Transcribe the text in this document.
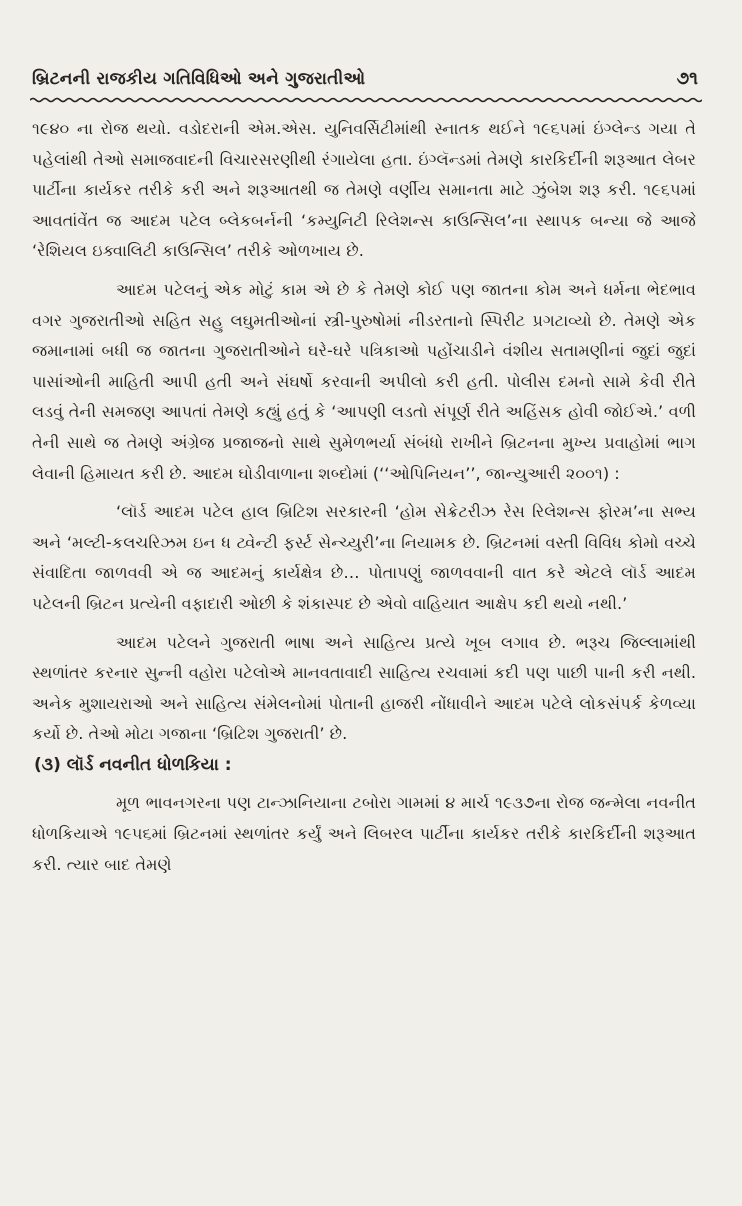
બ્રિટનની રાજકીય ગતિવિધિઓ અને ગુજરાતીઓ	૭૧

૧૯૪૦ ના રોજ થયો. વડોદરાની એમ.એસ. યુનિવર્સિટીમાંથી સ્નાતક થઈને ૧૯૬૫માં ઇંગ્લેન્ડ ગયા તે પહેલાંથી તેઓ સમાજવાદની વિચારસરણીથી રંગાયેલા હતા. ઇંગ્લૅન્ડમાં તેમણે કારકિર્દીની શરૂઆત લેબર પાર્ટીના કાર્યકર તરીકે કરી અને શરૂઆતથી જ તેમણે વર્ણીય સમાનતા માટે ઝુંબેશ શરૂ કરી. ૧૯૬૫માં આવતાંવેંત જ આદમ પટેલ બ્લેકબર્નની ‘કમ્યુનિટી રિલેશન્સ કાઉન્સિલ’ના સ્થાપક બન્યા જે આજે ‘રેશિયલ ઇક્વાલિટી કાઉન્સિલ’ તરીકે ઓળખાય છે.

આદમ પટેલનું એક મોટું કામ એ છે કે તેમણે કોઈ પણ જાતના કોમ અને ધર્મના ભેદભાવ વગર ગુજરાતીઓ સહિત સહુ લઘુમતીઓનાં સ્ત્રી-પુરુષોમાં નીડરતાનો સ્પિરીટ પ્રગટાવ્યો છે. તેમણે એક જમાનામાં બધી જ જાતના ગુજરાતીઓને ઘરે-ઘરે પત્રિકાઓ પહોંચાડીને વંશીય સતામણીનાં જુદાં જુદાં પાસાંઓની માહિતી આપી હતી અને સંઘર્ષો કરવાની અપીલો કરી હતી. પોલીસ દમનો સામે કેવી રીતે લડવું તેની સમજણ આપતાં તેમણે કહ્યું હતું કે ‘આપણી લડતો સંપૂર્ણ રીતે અહિંસક હોવી જોઈએ.’ વળી તેની સાથે જ તેમણે અંગ્રેજ પ્રજાજનો સાથે સુમેળભર્યા સંબંધો રાખીને બ્રિટનના મુખ્ય પ્રવાહોમાં ભાગ લેવાની હિમાયત કરી છે. આદમ ઘોડીવાળાના શબ્દોમાં (‘‘ઓપિનિયન’’, જાન્યુઆરી ૨૦૦૧) :

‘લૉર્ડ આદમ પટેલ હાલ બ્રિટિશ સરકારની ‘હોમ સેક્રેટરીઝ રેસ રિલેશન્સ ફોરમ’ના સભ્ય અને ‘મલ્ટી-કલચરિઝમ ઇન ધ ટ્વેન્ટી ફર્સ્ટ સેન્ચ્યુરી’ના નિયામક છે. બ્રિટનમાં વસ્તી વિવિધ કોમો વચ્ચે સંવાદિતા જાળવવી એ જ આદમનું કાર્યક્ષેત્ર છે… પોતાપણું જાળવવાની વાત કરે એટલે લૉર્ડ આદમ પટેલની બ્રિટન પ્રત્યેની વફાદારી ઓછી કે શંકાસ્પદ છે એવો વાહિયાત આક્ષેપ કદી થયો નથી.’

આદમ પટેલને ગુજરાતી ભાષા અને સાહિત્ય પ્રત્યે ખૂબ લગાવ છે. ભરૂચ જિલ્લામાંથી સ્થળાંતર કરનાર સુન્ની વહોરા પટેલોએ માનવતાવાદી સાહિત્ય રચવામાં કદી પણ પાછી પાની કરી નથી. અનેક મુશાયરાઓ અને સાહિત્ય સંમેલનોમાં પોતાની હાજરી નોંધાવીને આદમ પટેલે લોકસંપર્ક કેળવ્યા કર્યો છે. તેઓ મોટા ગજાના ‘બ્રિટિશ ગુજરાતી’ છે.

(૩) લૉર્ડ નવનીત ધોળકિયા :

મૂળ ભાવનગરના પણ ટાન્ઝાનિયાના ટબોરા ગામમાં ૪ માર્ચ ૧૯૩૭ના રોજ જન્મેલા નવનીત ધોળકિયાએ ૧૯૫૬માં બ્રિટનમાં સ્થળાંતર કર્યું અને લિબરલ પાર્ટીના કાર્યકર તરીકે કારકિર્દીની શરૂઆત કરી. ત્યાર બાદ તેમણે
